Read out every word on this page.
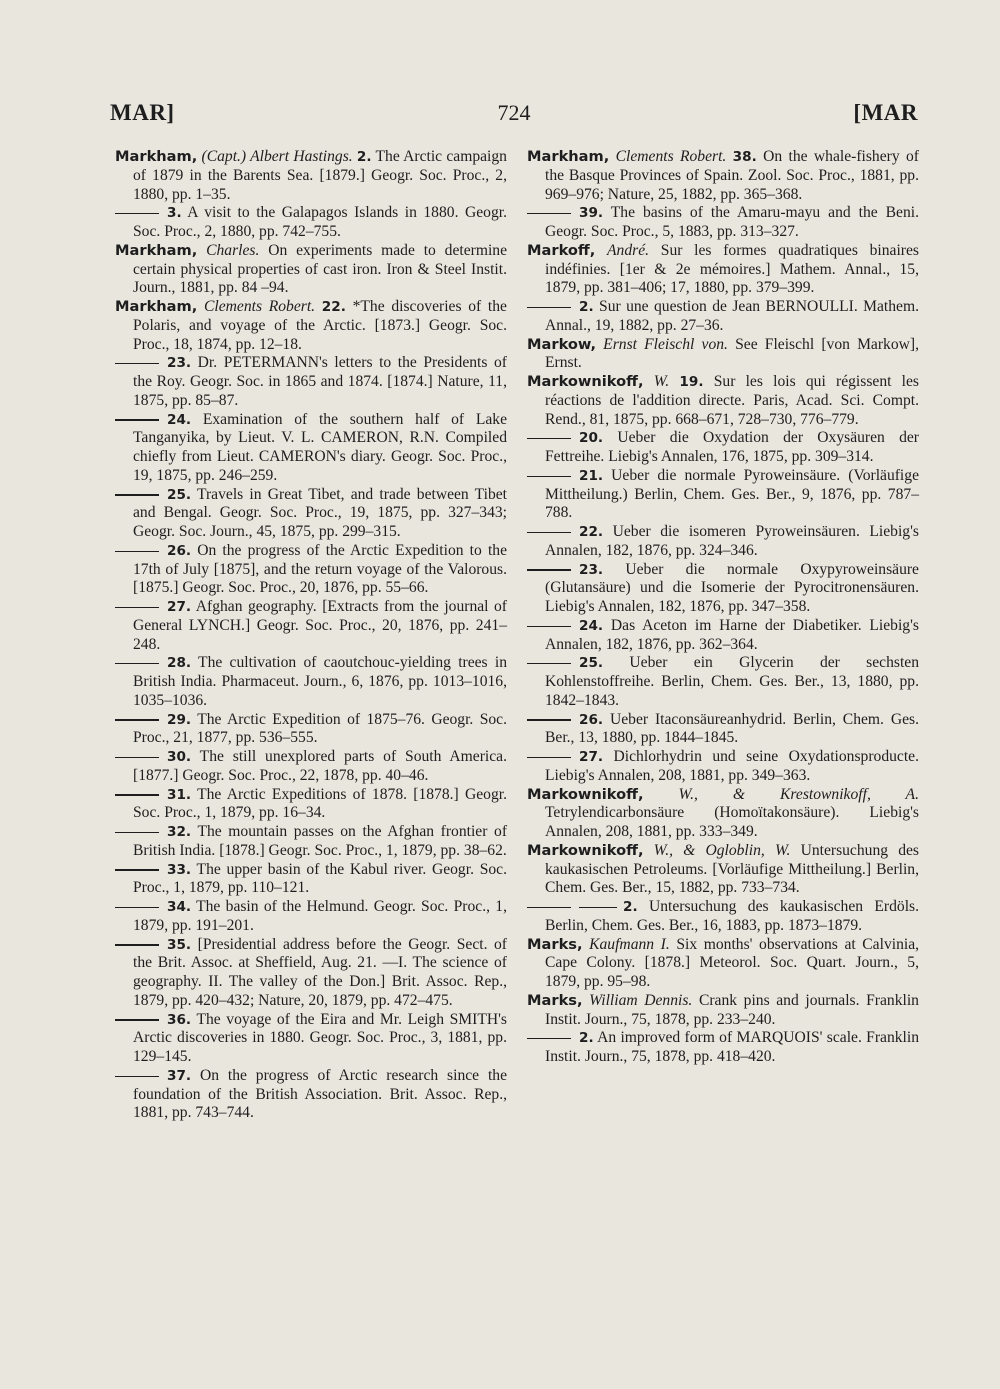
MAR]	724	[MAR

Markham, (Capt.) Albert Hastings. 2. The Arctic campaign of 1879 in the Barents Sea. [1879.] Geogr. Soc. Proc., 2, 1880, pp. 1–35.

3. A visit to the Galapagos Islands in 1880. Geogr. Soc. Proc., 2, 1880, pp. 742–755.

Markham, Charles. On experiments made to determine certain physical properties of cast iron. Iron & Steel Instit. Journ., 1881, pp. 84 –94.

Markham, Clements Robert. 22. *The discoveries of the Polaris, and voyage of the Arctic. [1873.] Geogr. Soc. Proc., 18, 1874, pp. 12–18.

23. Dr. PETERMANN's letters to the Presidents of the Roy. Geogr. Soc. in 1865 and 1874. [1874.] Nature, 11, 1875, pp. 85–87.

24. Examination of the southern half of Lake Tanganyika, by Lieut. V. L. CAMERON, R.N. Compiled chiefly from Lieut. CAMERON's diary. Geogr. Soc. Proc., 19, 1875, pp. 246–259.

25. Travels in Great Tibet, and trade between Tibet and Bengal. Geogr. Soc. Proc., 19, 1875, pp. 327–343; Geogr. Soc. Journ., 45, 1875, pp. 299–315.

26. On the progress of the Arctic Expedition to the 17th of July [1875], and the return voyage of the Valorous. [1875.] Geogr. Soc. Proc., 20, 1876, pp. 55–66.

27. Afghan geography. [Extracts from the journal of General LYNCH.] Geogr. Soc. Proc., 20, 1876, pp. 241–248.

28. The cultivation of caoutchouc-yielding trees in British India. Pharmaceut. Journ., 6, 1876, pp. 1013–1016, 1035–1036.

29. The Arctic Expedition of 1875–76. Geogr. Soc. Proc., 21, 1877, pp. 536–555.

30. The still unexplored parts of South America. [1877.] Geogr. Soc. Proc., 22, 1878, pp. 40–46.

31. The Arctic Expeditions of 1878. [1878.] Geogr. Soc. Proc., 1, 1879, pp. 16–34.

32. The mountain passes on the Afghan frontier of British India. [1878.] Geogr. Soc. Proc., 1, 1879, pp. 38–62.

33. The upper basin of the Kabul river. Geogr. Soc. Proc., 1, 1879, pp. 110–121.

34. The basin of the Helmund. Geogr. Soc. Proc., 1, 1879, pp. 191–201.

35. [Presidential address before the Geogr. Sect. of the Brit. Assoc. at Sheffield, Aug. 21. —I. The science of geography. II. The valley of the Don.] Brit. Assoc. Rep., 1879, pp. 420–432; Nature, 20, 1879, pp. 472–475.

36. The voyage of the Eira and Mr. Leigh SMITH's Arctic discoveries in 1880. Geogr. Soc. Proc., 3, 1881, pp. 129–145.

37. On the progress of Arctic research since the foundation of the British Association. Brit. Assoc. Rep., 1881, pp. 743–744.

Markham, Clements Robert. 38. On the whale-fishery of the Basque Provinces of Spain. Zool. Soc. Proc., 1881, pp. 969–976; Nature, 25, 1882, pp. 365–368.

39. The basins of the Amaru-mayu and the Beni. Geogr. Soc. Proc., 5, 1883, pp. 313–327.

Markoff, André. Sur les formes quadratiques binaires indéfinies. [1er & 2e mémoires.] Mathem. Annal., 15, 1879, pp. 381–406; 17, 1880, pp. 379–399.

2. Sur une question de Jean BERNOULLI. Mathem. Annal., 19, 1882, pp. 27–36.

Markow, Ernst Fleischl von. See Fleischl [von Markow], Ernst.

Markownikoff, W. 19. Sur les lois qui régissent les réactions de l'addition directe. Paris, Acad. Sci. Compt. Rend., 81, 1875, pp. 668–671, 728–730, 776–779.

20. Ueber die Oxydation der Oxysäuren der Fettreihe. Liebig's Annalen, 176, 1875, pp. 309–314.

21. Ueber die normale Pyroweinsäure. (Vorläufige Mittheilung.) Berlin, Chem. Ges. Ber., 9, 1876, pp. 787–788.

22. Ueber die isomeren Pyroweinsäuren. Liebig's Annalen, 182, 1876, pp. 324–346.

23. Ueber die normale Oxypyroweinsäure (Glutansäure) und die Isomerie der Pyrocitronensäuren. Liebig's Annalen, 182, 1876, pp. 347–358.

24. Das Aceton im Harne der Diabetiker. Liebig's Annalen, 182, 1876, pp. 362–364.

25. Ueber ein Glycerin der sechsten Kohlenstoffreihe. Berlin, Chem. Ges. Ber., 13, 1880, pp. 1842–1843.

26. Ueber Itaconsäureanhydrid. Berlin, Chem. Ges. Ber., 13, 1880, pp. 1844–1845.

27. Dichlorhydrin und seine Oxydationsproducte. Liebig's Annalen, 208, 1881, pp. 349–363.

Markownikoff, W., & Krestownikoff, A. Tetrylendicarbonsäure (Homoïtakonsäure). Liebig's Annalen, 208, 1881, pp. 333–349.

Markownikoff, W., & Ogloblin, W. Untersuchung des kaukasischen Petroleums. [Vorläufige Mittheilung.] Berlin, Chem. Ges. Ber., 15, 1882, pp. 733–734.

2. Untersuchung des kaukasischen Erdöls. Berlin, Chem. Ges. Ber., 16, 1883, pp. 1873–1879.

Marks, Kaufmann I. Six months' observations at Calvinia, Cape Colony. [1878.] Meteorol. Soc. Quart. Journ., 5, 1879, pp. 95–98.

Marks, William Dennis. Crank pins and journals. Franklin Instit. Journ., 75, 1878, pp. 233–240.

2. An improved form of MARQUOIS' scale. Franklin Instit. Journ., 75, 1878, pp. 418–420.
